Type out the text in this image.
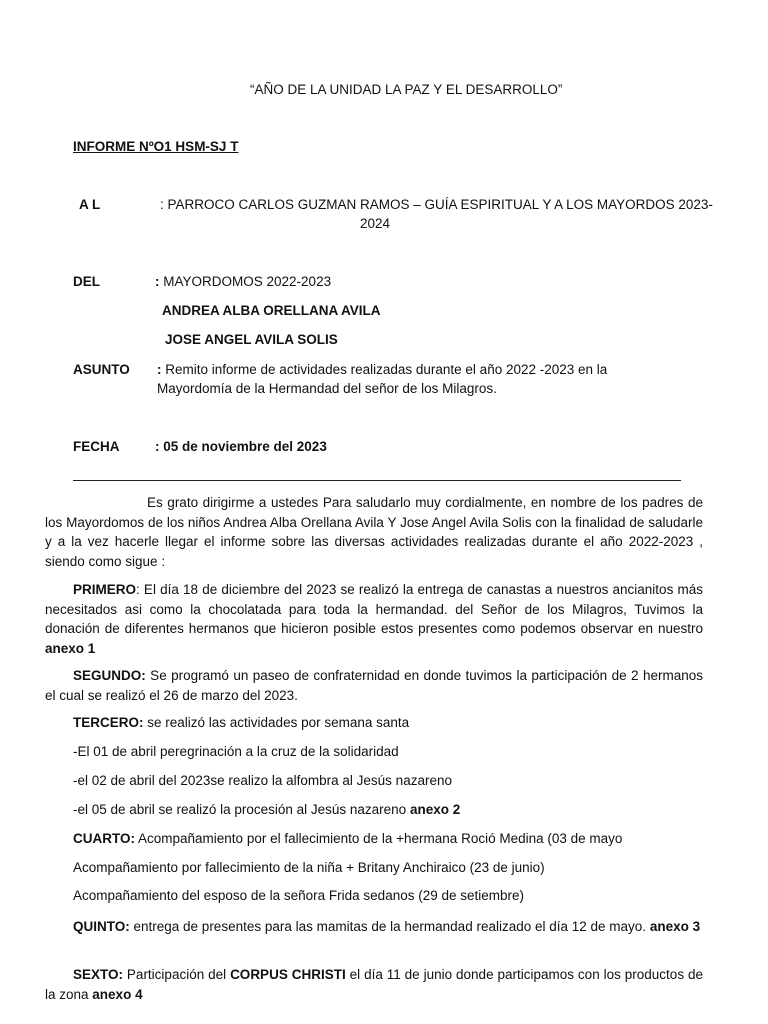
“AÑO DE LA UNIDAD LA PAZ Y EL DESARROLLO”
INFORME NºO1 HSM-SJ T
A L	: PARROCO CARLOS GUZMAN RAMOS – GUÍA ESPIRITUAL Y A LOS MAYORDOS 2023-
2024
DEL	: MAYORDOMOS 2022-2023
ANDREA ALBA ORELLANA AVILA
JOSE ANGEL AVILA SOLIS
ASUNTO : Remito informe de actividades realizadas durante el año 2022 -2023 en la
Mayordomía de la Hermandad del señor de los Milagros.
FECHA	: 05 de noviembre del 2023
Es grato dirigirme a ustedes Para saludarlo muy cordialmente, en nombre de los padres de los Mayordomos de los niños Andrea Alba Orellana Avila Y Jose Angel Avila Solis con la finalidad de saludarle y a la vez hacerle llegar el informe sobre las diversas actividades realizadas durante el año 2022-2023 , siendo como sigue :
PRIMERO: El día 18 de diciembre del 2023 se realizó la entrega de canastas a nuestros ancianitos más necesitados asi como la chocolatada para toda la hermandad. del Señor de los Milagros, Tuvimos la donación de diferentes hermanos que hicieron posible estos presentes como podemos observar en nuestro anexo 1
SEGUNDO: Se programó un paseo de confraternidad en donde tuvimos la participación de 2 hermanos el cual se realizó el 26 de marzo del 2023.
TERCERO: se realizó las actividades por semana santa
-El 01 de abril peregrinación a la cruz de la solidaridad
-el 02 de abril del 2023se realizo la alfombra al Jesús nazareno
-el 05 de abril se realizó la procesión al Jesús nazareno anexo 2
CUARTO: Acompañamiento por el fallecimiento de la +hermana Roció Medina (03 de mayo
Acompañamiento por fallecimiento de la niña + Britany Anchiraico (23 de junio)
Acompañamiento del esposo de la señora Frida sedanos (29 de setiembre)
QUINTO: entrega de presentes para las mamitas de la hermandad realizado el día 12 de mayo. anexo 3
SEXTO: Participación del CORPUS CHRISTI el día 11 de junio donde participamos con los productos de la zona anexo 4
